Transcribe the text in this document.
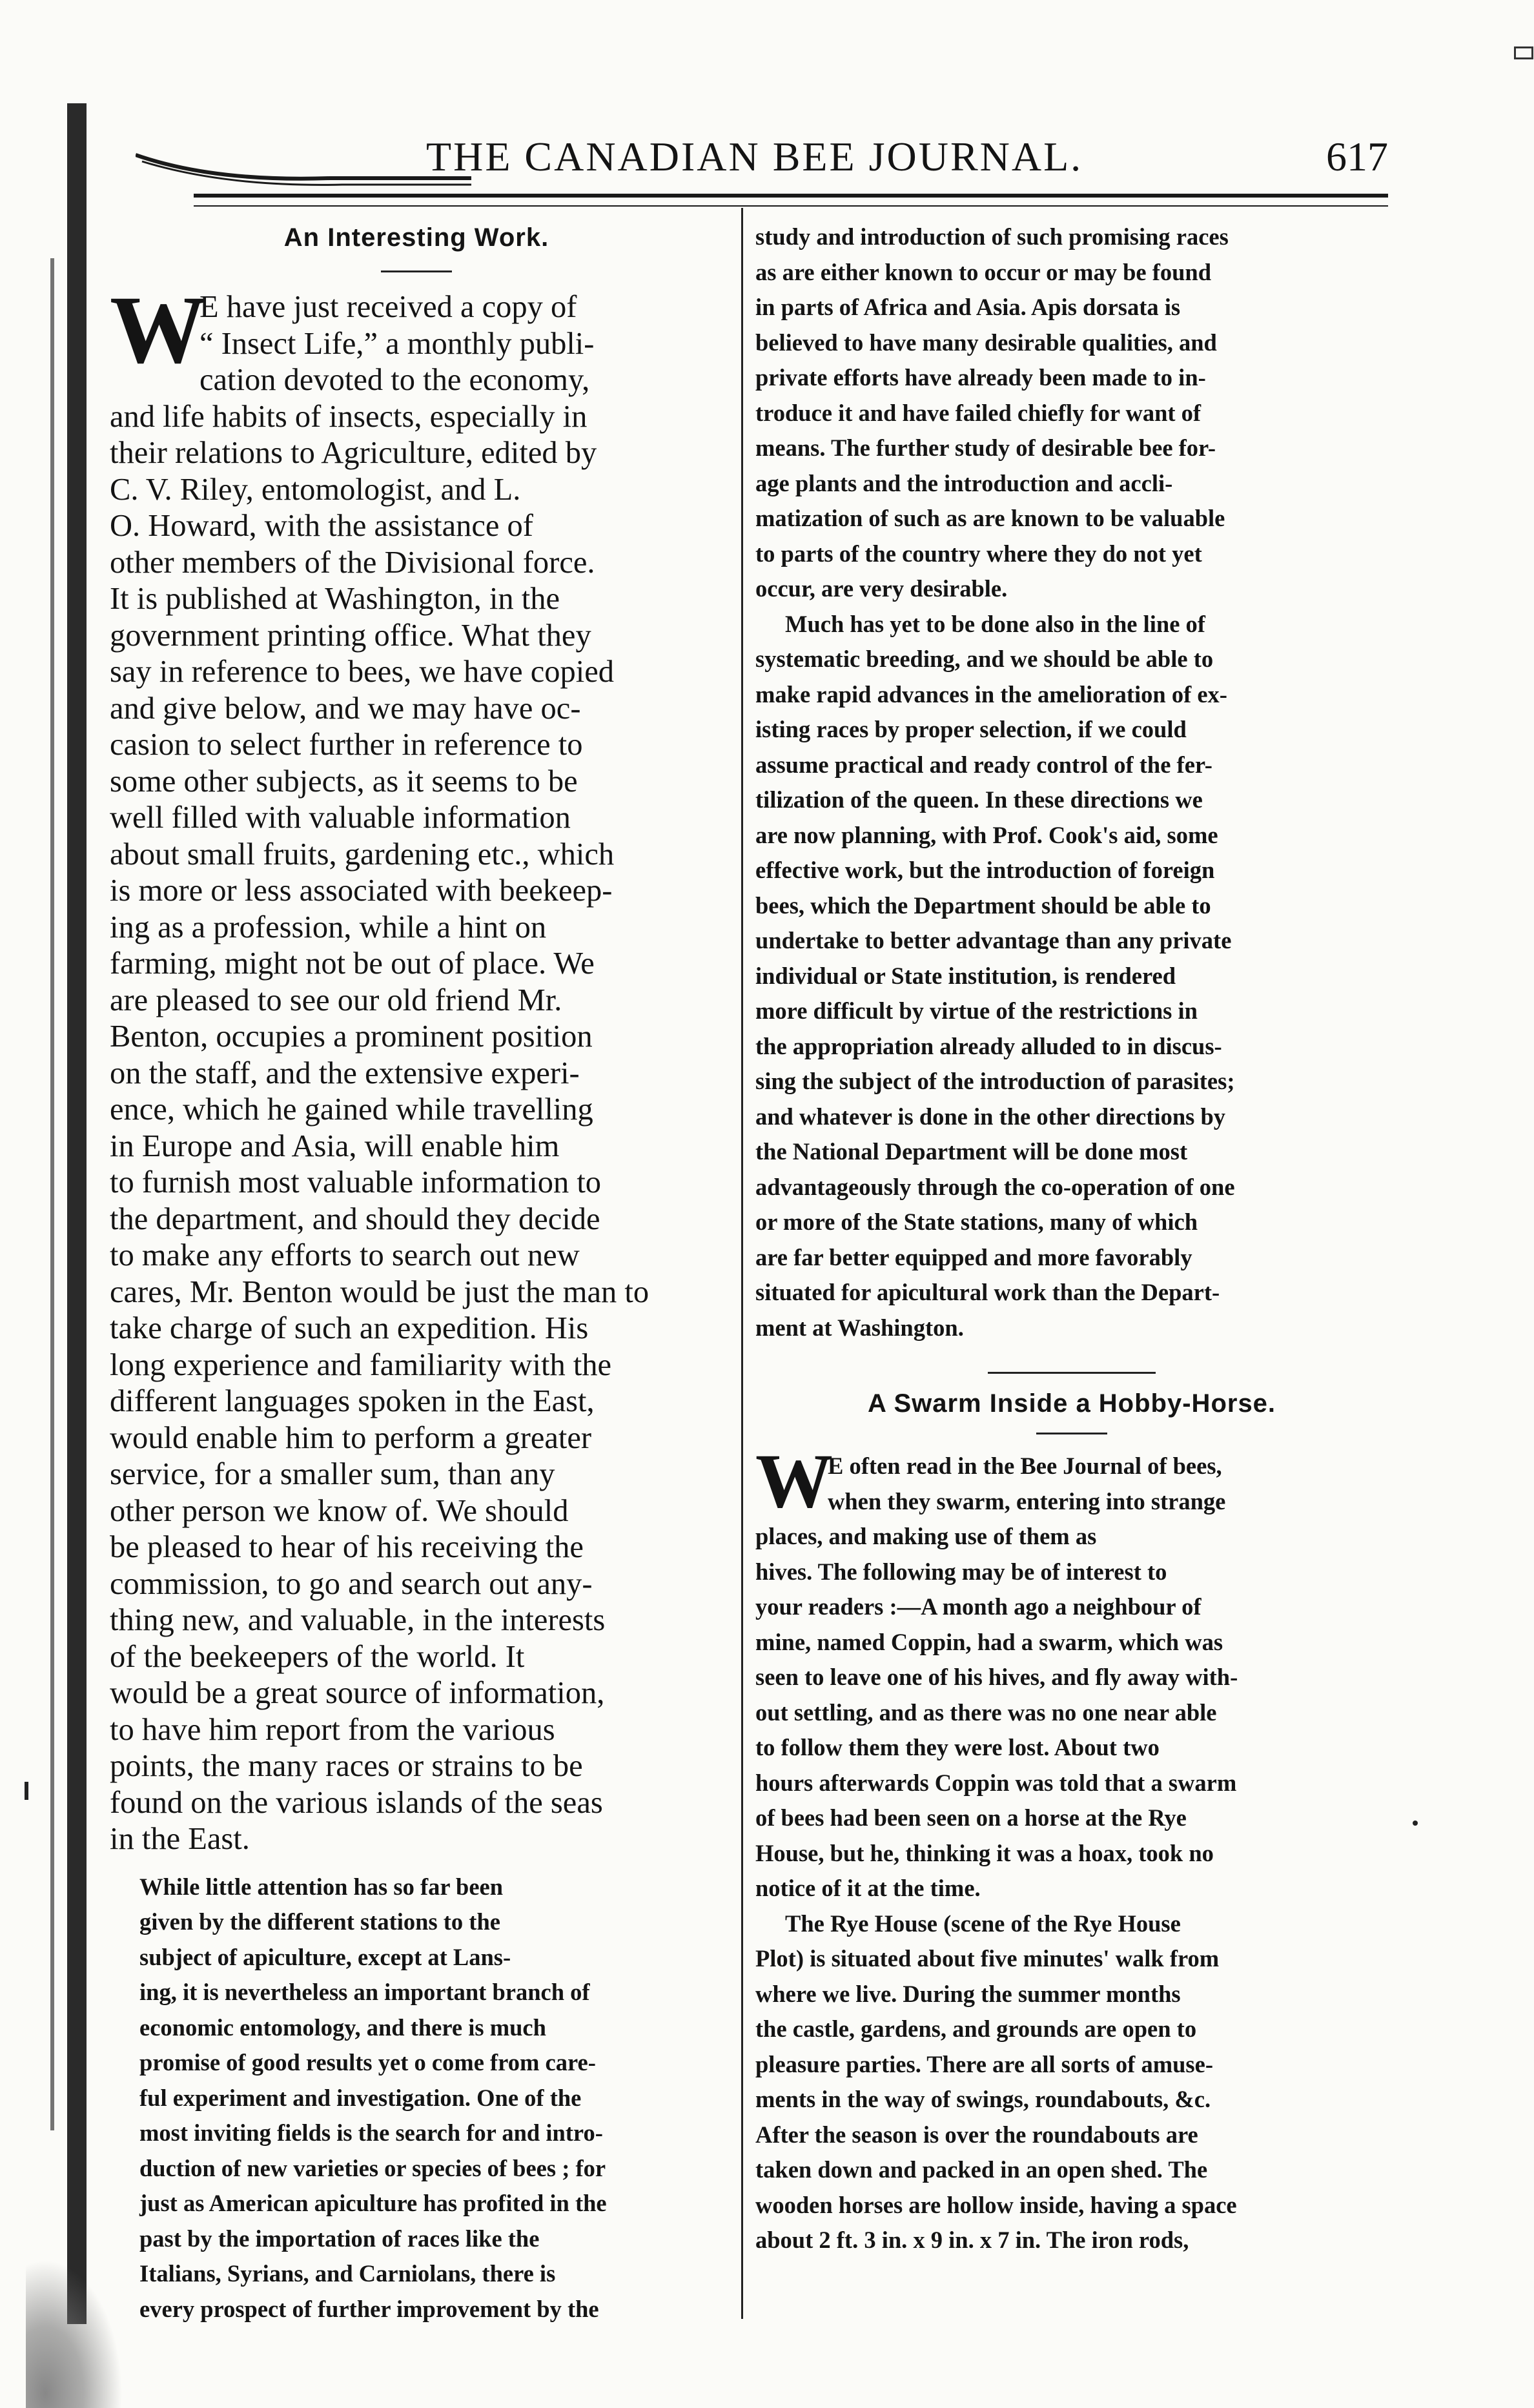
THE CANADIAN BEE JOURNAL.	617
An Interesting Work.
W
E have just received a copy of
“ Insect Life,” a monthly publi-
cation devoted to the economy,
and life habits of insects, especially in
their relations to Agriculture, edited by
C. V. Riley, entomologist, and L.
O. Howard, with the assistance of
other members of the Divisional force.
It is published at Washington, in the
government printing office. What they
say in reference to bees, we have copied
and give below, and we may have oc-
casion to select further in reference to
some other subjects, as it seems to be
well filled with valuable information
about small fruits, gardening etc., which
is more or less associated with beekeep-
ing as a profession, while a hint on
farming, might not be out of place. We
are pleased to see our old friend Mr.
Benton, occupies a prominent position
on the staff, and the extensive experi-
ence, which he gained while travelling
in Europe and Asia, will enable him
to furnish most valuable information to
the department, and should they decide
to make any efforts to search out new
cares, Mr. Benton would be just the man to
take charge of such an expedition. His
long experience and familiarity with the
different languages spoken in the East,
would enable him to perform a greater
service, for a smaller sum, than any
other person we know of. We should
be pleased to hear of his receiving the
commission, to go and search out any-
thing new, and valuable, in the interests
of the beekeepers of the world. It
would be a great source of information,
to have him report from the various
points, the many races or strains to be
found on the various islands of the seas
in the East.
While little attention has so far been
given by the different stations to the
subject of apiculture, except at Lans-
ing, it is nevertheless an important branch of
economic entomology, and there is much
promise of good results yet o come from care-
ful experiment and investigation. One of the
most inviting fields is the search for and intro-
duction of new varieties or species of bees ; for
just as American apiculture has profited in the
past by the importation of races like the
Italians, Syrians, and Carniolans, there is
every prospect of further improvement by the
study and introduction of such promising races
as are either known to occur or may be found
in parts of Africa and Asia. Apis dorsata is
believed to have many desirable qualities, and
private efforts have already been made to in-
troduce it and have failed chiefly for want of
means. The further study of desirable bee for-
age plants and the introduction and accli-
matization of such as are known to be valuable
to parts of the country where they do not yet
occur, are very desirable.
Much has yet to be done also in the line of
systematic breeding, and we should be able to
make rapid advances in the amelioration of ex-
isting races by proper selection, if we could
assume practical and ready control of the fer-
tilization of the queen. In these directions we
are now planning, with Prof. Cook's aid, some
effective work, but the introduction of foreign
bees, which the Department should be able to
undertake to better advantage than any private
individual or State institution, is rendered
more difficult by virtue of the restrictions in
the appropriation already alluded to in discus-
sing the subject of the introduction of parasites;
and whatever is done in the other directions by
the National Department will be done most
advantageously through the co-operation of one
or more of the State stations, many of which
are far better equipped and more favorably
situated for apicultural work than the Depart-
ment at Washington.
A Swarm Inside a Hobby-Horse.
W
E often read in the Bee Journal of bees,
when they swarm, entering into strange
places, and making use of them as
hives. The following may be of interest to
your readers :—A month ago a neighbour of
mine, named Coppin, had a swarm, which was
seen to leave one of his hives, and fly away with-
out settling, and as there was no one near able
to follow them they were lost. About two
hours afterwards Coppin was told that a swarm
of bees had been seen on a horse at the Rye
House, but he, thinking it was a hoax, took no
notice of it at the time.
The Rye House (scene of the Rye House
Plot) is situated about five minutes' walk from
where we live. During the summer months
the castle, gardens, and grounds are open to
pleasure parties. There are all sorts of amuse-
ments in the way of swings, roundabouts, &c.
After the season is over the roundabouts are
taken down and packed in an open shed. The
wooden horses are hollow inside, having a space
about 2 ft. 3 in. x 9 in. x 7 in. The iron rods,
